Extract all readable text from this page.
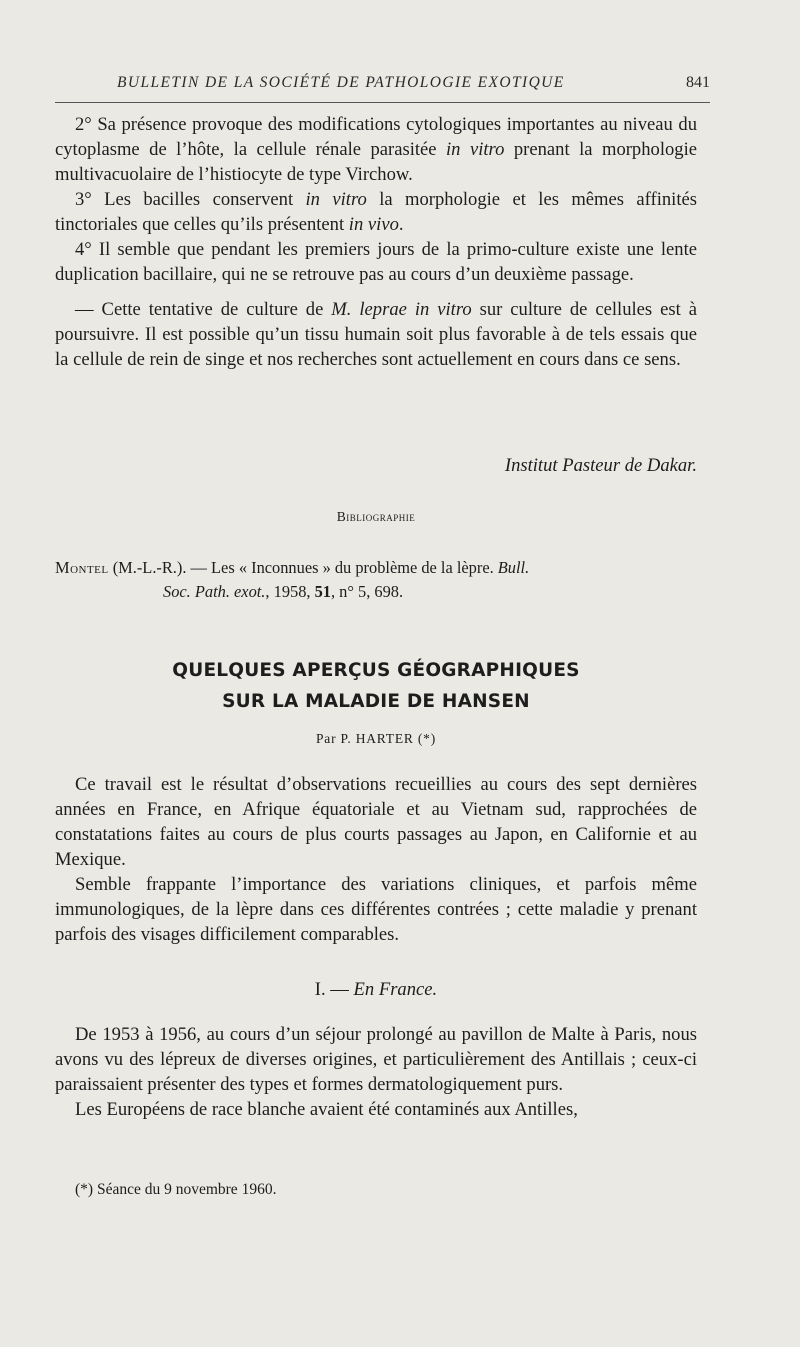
BULLETIN DE LA SOCIÉTÉ DE PATHOLOGIE EXOTIQUE	841

2° Sa présence provoque des modifications cytologiques importantes au niveau du cytoplasme de l’hôte, la cellule rénale parasitée in vitro prenant la morphologie multivacuolaire de l’histiocyte de type Virchow.

3° Les bacilles conservent in vitro la morphologie et les mêmes affinités tinctoriales que celles qu’ils présentent in vivo.

4° Il semble que pendant les premiers jours de la primo-culture existe une lente duplication bacillaire, qui ne se retrouve pas au cours d’un deuxième passage.

— Cette tentative de culture de M. leprae in vitro sur culture de cellules est à poursuivre. Il est possible qu’un tissu humain soit plus favorable à de tels essais que la cellule de rein de singe et nos recherches sont actuellement en cours dans ce sens.

Institut Pasteur de Dakar.
Bibliographie
Montel (M.-L.-R.). — Les « Inconnues » du problème de la lèpre. Bull.
Soc. Path. exot., 1958, 51, n° 5, 698.
QUELQUES APERÇUS GÉOGRAPHIQUES
SUR LA MALADIE DE HANSEN
Par P. HARTER (*)

Ce travail est le résultat d’observations recueillies au cours des sept dernières années en France, en Afrique équatoriale et au Vietnam sud, rapprochées de constatations faites au cours de plus courts passages au Japon, en Californie et au Mexique.

Semble frappante l’importance des variations cliniques, et parfois même immunologiques, de la lèpre dans ces différentes contrées ; cette maladie y prenant parfois des visages difficilement comparables.

I. — En France.

De 1953 à 1956, au cours d’un séjour prolongé au pavillon de Malte à Paris, nous avons vu des lépreux de diverses origines, et particulièrement des Antillais ; ceux-ci paraissaient présenter des types et formes dermatologiquement purs.

Les Européens de race blanche avaient été contaminés aux Antilles,

(*) Séance du 9 novembre 1960.
